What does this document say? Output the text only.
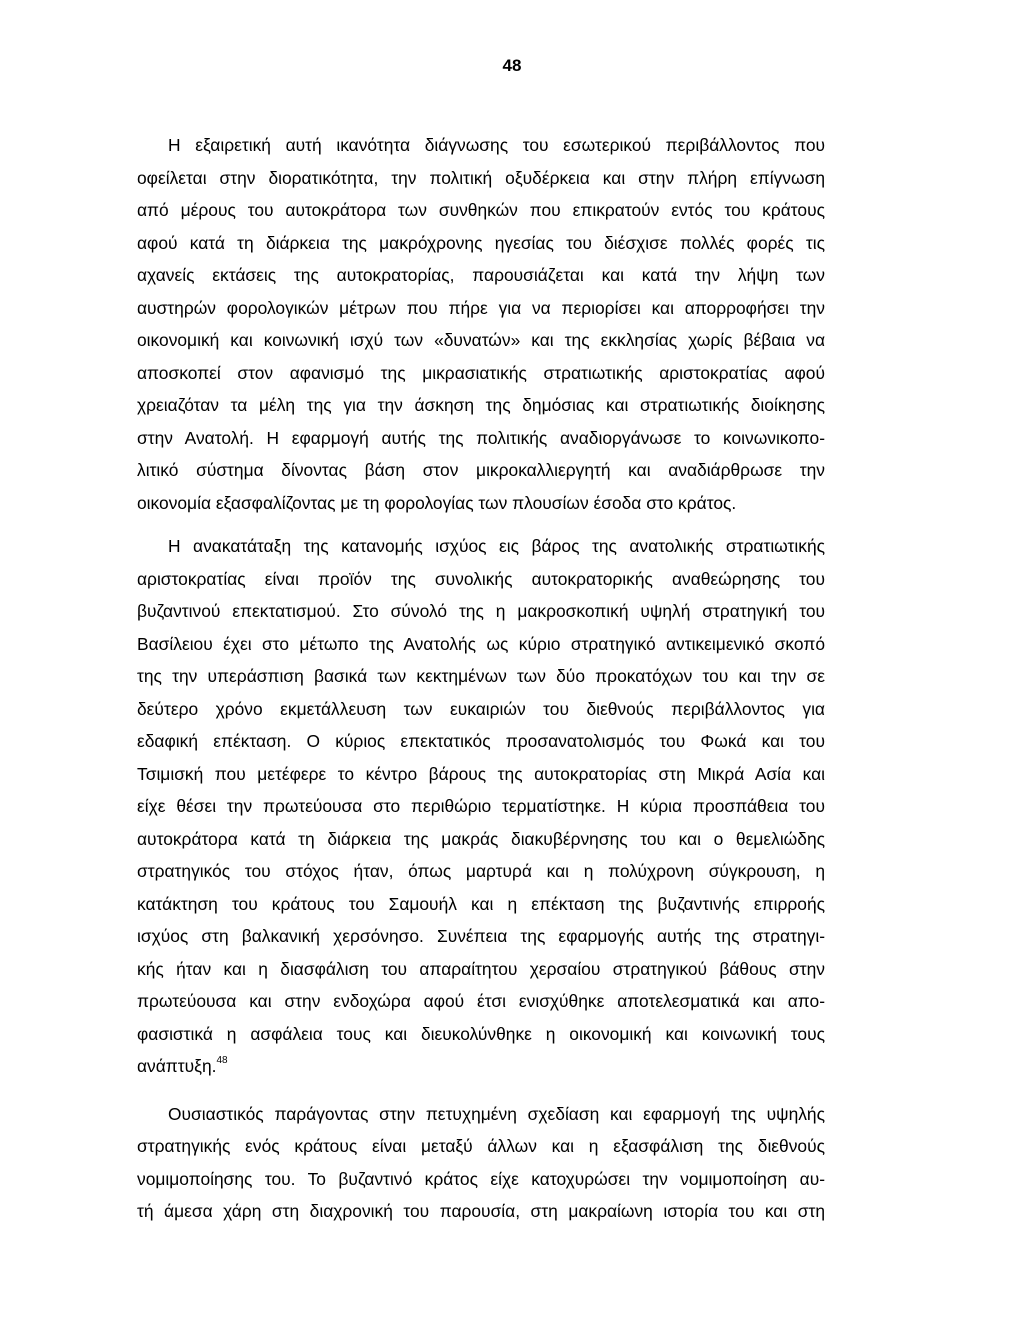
48

Η εξαιρετική αυτή ικανότητα διάγνωσης του εσωτερικού περιβάλλοντος που
οφείλεται στην διορατικότητα, την πολιτική οξυδέρκεια και στην πλήρη επίγνωση
από μέρους του αυτοκράτορα των συνθηκών που επικρατούν εντός του κράτους
αφού κατά τη διάρκεια της μακρόχρονης ηγεσίας του διέσχισε πολλές φορές τις
αχανείς εκτάσεις της αυτοκρατορίας, παρουσιάζεται και κατά την λήψη των
αυστηρών φορολογικών μέτρων που πήρε για να περιορίσει και απορροφήσει την
οικονομική και κοινωνική ισχύ των «δυνατών» και της εκκλησίας χωρίς βέβαια να
αποσκοπεί στον αφανισμό της μικρασιατικής στρατιωτικής αριστοκρατίας αφού
χρειαζόταν τα μέλη της για την άσκηση της δημόσιας και στρατιωτικής διοίκησης
στην Ανατολή. Η εφαρμογή αυτής της πολιτικής αναδιοργάνωσε το κοινωνικοπο-
λιτικό σύστημα δίνοντας βάση στον μικροκαλλιεργητή και αναδιάρθρωσε την
οικονομία εξασφαλίζοντας με τη φορολογίας των πλουσίων έσοδα στο κράτος.

Η ανακατάταξη της κατανομής ισχύος εις βάρος της ανατολικής στρατιωτικής
αριστοκρατίας είναι προϊόν της συνολικής αυτοκρατορικής αναθεώρησης του
βυζαντινού επεκτατισμού. Στο σύνολό της η μακροσκοπική υψηλή στρατηγική του
Βασίλειου έχει στο μέτωπο της Ανατολής ως κύριο στρατηγικό αντικειμενικό σκοπό
της την υπεράσπιση βασικά των κεκτημένων των δύο προκατόχων του και την σε
δεύτερο χρόνο εκμετάλλευση των ευκαιριών του διεθνούς περιβάλλοντος για
εδαφική επέκταση. Ο κύριος επεκτατικός προσανατολισμός του Φωκά και του
Τσιμισκή που μετέφερε το κέντρο βάρους της αυτοκρατορίας στη Μικρά Ασία και
είχε θέσει την πρωτεύουσα στο περιθώριο τερματίστηκε. Η κύρια προσπάθεια του
αυτοκράτορα κατά τη διάρκεια της μακράς διακυβέρνησης του και ο θεμελιώδης
στρατηγικός του στόχος ήταν, όπως μαρτυρά και η πολύχρονη σύγκρουση, η
κατάκτηση του κράτους του Σαμουήλ και η επέκταση της βυζαντινής επιρροής
ισχύος στη βαλκανική χερσόνησο. Συνέπεια της εφαρμογής αυτής της στρατηγι-
κής ήταν και η διασφάλιση του απαραίτητου χερσαίου στρατηγικού βάθους στην
πρωτεύουσα και στην ενδοχώρα αφού έτσι ενισχύθηκε αποτελεσματικά και απο-
φασιστικά η ασφάλεια τους και διευκολύνθηκε η οικονομική και κοινωνική τους
ανάπτυξη.$^{48}$

Ουσιαστικός παράγοντας στην πετυχημένη σχεδίαση και εφαρμογή της υψηλής
στρατηγικής ενός κράτους είναι μεταξύ άλλων και η εξασφάλιση της διεθνούς
νομιμοποίησης του. Το βυζαντινό κράτος είχε κατοχυρώσει την νομιμοποίηση αυ-
τή άμεσα χάρη στη διαχρονική του παρουσία, στη μακραίωνη ιστορία του και στη
